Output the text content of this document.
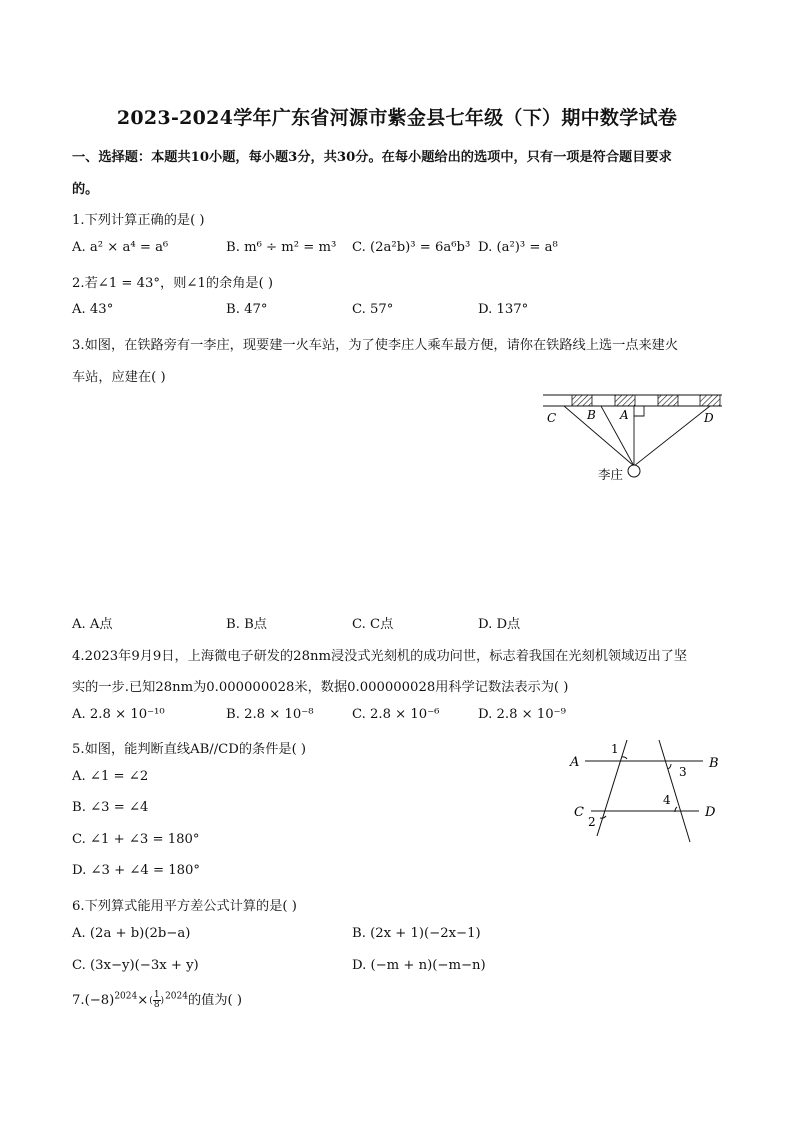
2023-2024学年广东省河源市紫金县七年级（下）期中数学试卷
一、选择题：本题共10小题，每小题3分，共30分。在每小题给出的选项中，只有一项是符合题目要求
的。
1.下列计算正确的是( )
A. a² × a⁴ = a⁶	B. m⁶ ÷ m² = m³ C. (2a²b)³ = 6a⁶b³ D. (a²)³ = a⁸
2.若∠1 = 43°，则∠1的余角是( )
A. 43°	B. 47°	C. 57°	D. 137°
3.如图，在铁路旁有一李庄，现要建一火车站，为了使李庄人乘车最方便，请你在铁路线上选一点来建火
车站，应建在( )
C	B A	D
李庄
A. A点	B. B点	C. C点	D. D点
4.2023年9月9日，上海微电子研发的28nm浸没式光刻机的成功问世，标志着我国在光刻机领域迈出了坚
实的一步.已知28nm为0.000000028米，数据0.000000028用科学记数法表示为( )
A. 2.8 × 10⁻¹⁰	B. 2.8 × 10⁻⁸	C. 2.8 × 10⁻⁶	D. 2.8 × 10⁻⁹
5.如图，能判断直线AB//CD的条件是( )
A. ∠1 = ∠2
B. ∠3 = ∠4
C. ∠1 + ∠3 = 180°
D. ∠3 + ∠4 = 180°
A	B
C	D
1
3
4
2
6.下列算式能用平方差公式计算的是( )
A. (2a + b)(2b−a)	B. (2x + 1)(−2x−1)
C. (3x−y)(−3x + y)	D. (−m + n)(−m−n)
$7.(-8)^{2024}\times( \frac{1}{8} )^{2024}$的值为( )
